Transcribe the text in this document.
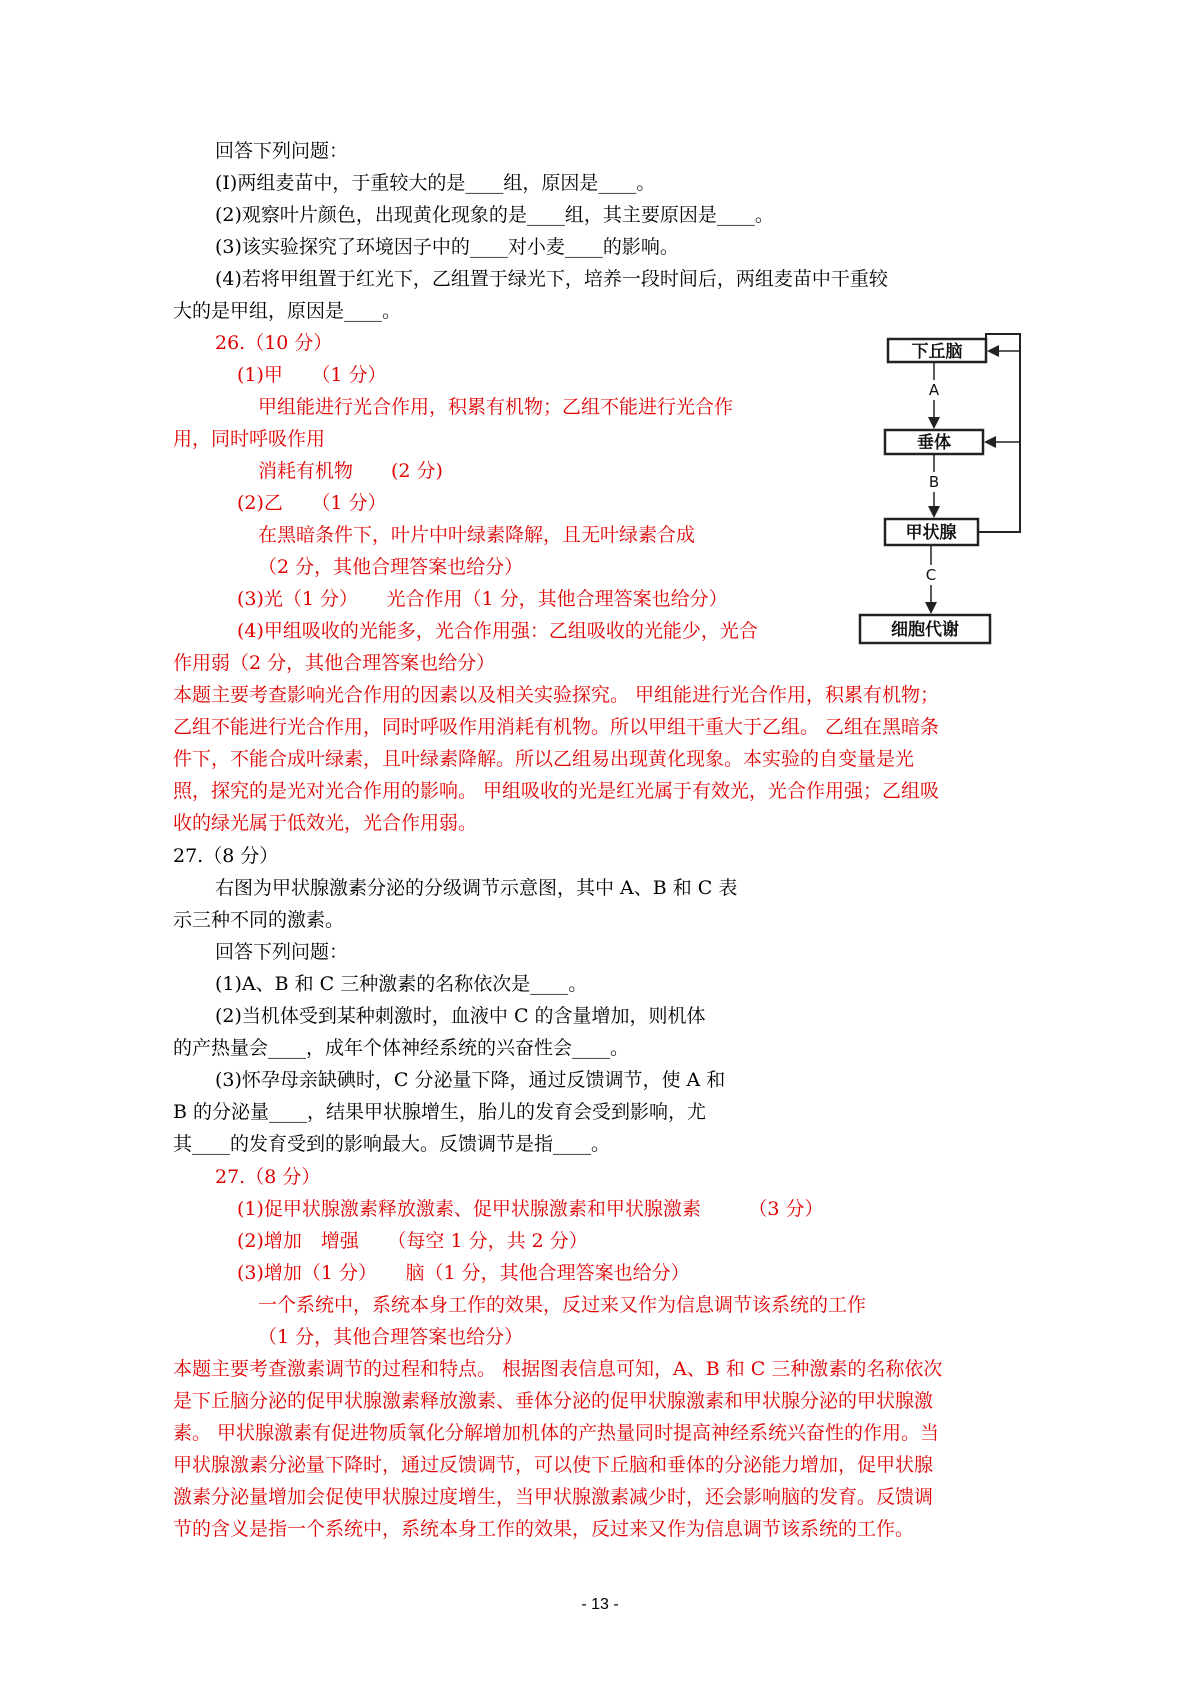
回答下列问题：
(I)两组麦苗中，于重较大的是____组，原因是____。
(2)观察叶片颜色，出现黄化现象的是____组，其主要原因是____。
(3)该实验探究了环境因子中的____对小麦____的影响。
(4)若将甲组置于红光下，乙组置于绿光下，培养一段时间后，两组麦苗中干重较
大的是甲组，原因是____。
26.（10 分）
(1)甲　　（1 分）
甲组能进行光合作用，积累有机物；乙组不能进行光合作
用，同时呼吸作用
消耗有机物　　(2 分)
(2)乙　　（1 分）
在黑暗条件下，叶片中叶绿素降解，且无叶绿素合成
（2 分，其他合理答案也给分）
(3)光（1 分）　　光合作用（1 分，其他合理答案也给分）
(4)甲组吸收的光能多，光合作用强：乙组吸收的光能少，光合
作用弱（2 分，其他合理答案也给分）
本题主要考查影响光合作用的因素以及相关实验探究。 甲组能进行光合作用，积累有机物；
乙组不能进行光合作用，同时呼吸作用消耗有机物。所以甲组干重大于乙组。 乙组在黑暗条
件下，不能合成叶绿素，且叶绿素降解。所以乙组易出现黄化现象。本实验的自变量是光
照，探究的是光对光合作用的影响。 甲组吸收的光是红光属于有效光，光合作用强；乙组吸
收的绿光属于低效光，光合作用弱。
下丘脑
垂体
甲状腺
细胞代谢
A
B
C
27.（8 分）
右图为甲状腺激素分泌的分级调节示意图，其中 A、B 和 C 表
示三种不同的激素。
回答下列问题：
(1)A、B 和 C 三种激素的名称依次是____。
(2)当机体受到某种刺激时，血液中 C 的含量增加，则机体
的产热量会____，成年个体神经系统的兴奋性会____。
(3)怀孕母亲缺碘时，C 分泌量下降，通过反馈调节，使 A 和
B 的分泌量____，结果甲状腺增生，胎儿的发育会受到影响，尤
其____的发育受到的影响最大。反馈调节是指____。
27.（8 分）
(1)促甲状腺激素释放激素、促甲状腺激素和甲状腺激素　　　（3 分）
(2)增加　增强　　（每空 1 分，共 2 分）
(3)增加（1 分）　　脑（1 分，其他合理答案也给分）
一个系统中，系统本身工作的效果，反过来又作为信息调节该系统的工作
（1 分，其他合理答案也给分）
本题主要考查激素调节的过程和特点。 根据图表信息可知，A、B 和 C 三种激素的名称依次
是下丘脑分泌的促甲状腺激素释放激素、垂体分泌的促甲状腺激素和甲状腺分泌的甲状腺激
素。 甲状腺激素有促进物质氧化分解增加机体的产热量同时提高神经系统兴奋性的作用。当
甲状腺激素分泌量下降时，通过反馈调节，可以使下丘脑和垂体的分泌能力增加，促甲状腺
激素分泌量增加会促使甲状腺过度增生，当甲状腺激素减少时，还会影响脑的发育。反馈调
节的含义是指一个系统中，系统本身工作的效果，反过来又作为信息调节该系统的工作。
- 13 -
